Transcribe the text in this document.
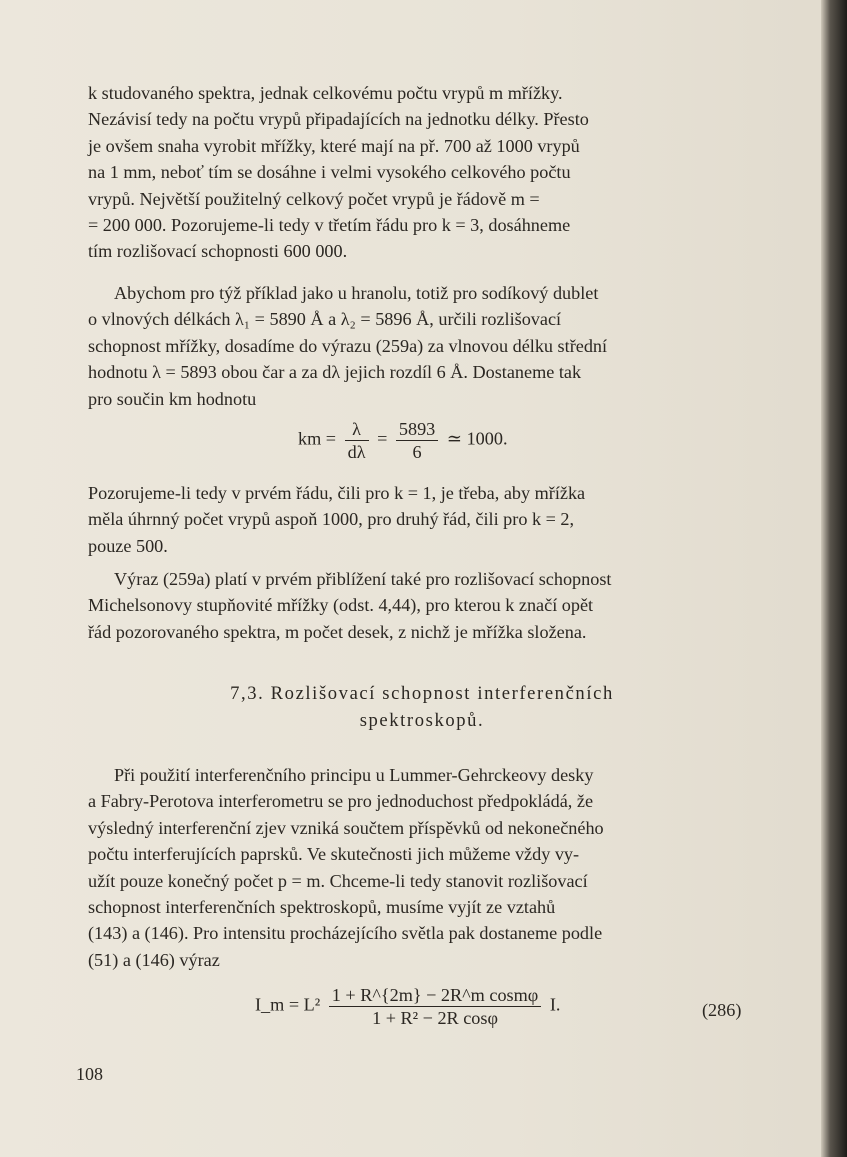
k studovaného spektra, jednak celkovému počtu vrypů m mřížky.

Nezávisí tedy na počtu vrypů připadajících na jednotku délky. Přesto

je ovšem snaha vyrobit mřížky, které mají na př. 700 až 1000 vrypů

na 1 mm, neboť tím se dosáhne i velmi vysokého celkového počtu

vrypů. Největší použitelný celkový počet vrypů je řádově m =

= 200 000. Pozorujeme-li tedy v třetím řádu pro k = 3, dosáhneme

tím rozlišovací schopnosti 600 000.

Abychom pro týž příklad jako u hranolu, totiž pro sodíkový dublet

o vlnových délkách λ₁ = 5890 Å a λ₂ = 5896 Å, určili rozlišovací

schopnost mřížky, dosadíme do výrazu (259a) za vlnovou délku střední

hodnotu λ = 5893 obou čar a za dλ jejich rozdíl 6 Å. Dostaneme tak

pro součin km hodnotu

km = $\frac{\lambda}{d\lambda} = \frac{5893}{6}$ ≃ 1000.

Pozorujeme-li tedy v prvém řádu, čili pro k = 1, je třeba, aby mřížka

měla úhrnný počet vrypů aspoň 1000, pro druhý řád, čili pro k = 2,

pouze 500.

Výraz (259a) platí v prvém přiblížení také pro rozlišovací schopnost

Michelsonovy stupňovité mřížky (odst. 4,44), pro kterou k značí opět

řád pozorovaného spektra, m počet desek, z nichž je mřížka složena.

7,3. Rozlišovací schopnost interferenčních
spektroskopů.

Při použití interferenčního principu u Lummer-Gehrckeovy desky

a Fabry-Perotova interferometru se pro jednoduchost předpokládá, že

výsledný interferenční zjev vzniká součtem příspěvků od nekonečného

počtu interferujících paprsků. Ve skutečnosti jich můžeme vždy vy-

užít pouze konečný počet p = m. Chceme-li tedy stanovit rozlišovací

schopnost interferenčních spektroskopů, musíme vyjít ze vztahů

(143) a (146). Pro intensitu procházejícího světla pak dostaneme podle

(51) a (146) výraz

I_m = $L^2 \frac{\text{1 + R\textasciicircum{}\{2m\} − 2R\textasciicircum{}m cosmφ}}{\text{1 + R² − 2R cosφ}} I$.	(286)
108
